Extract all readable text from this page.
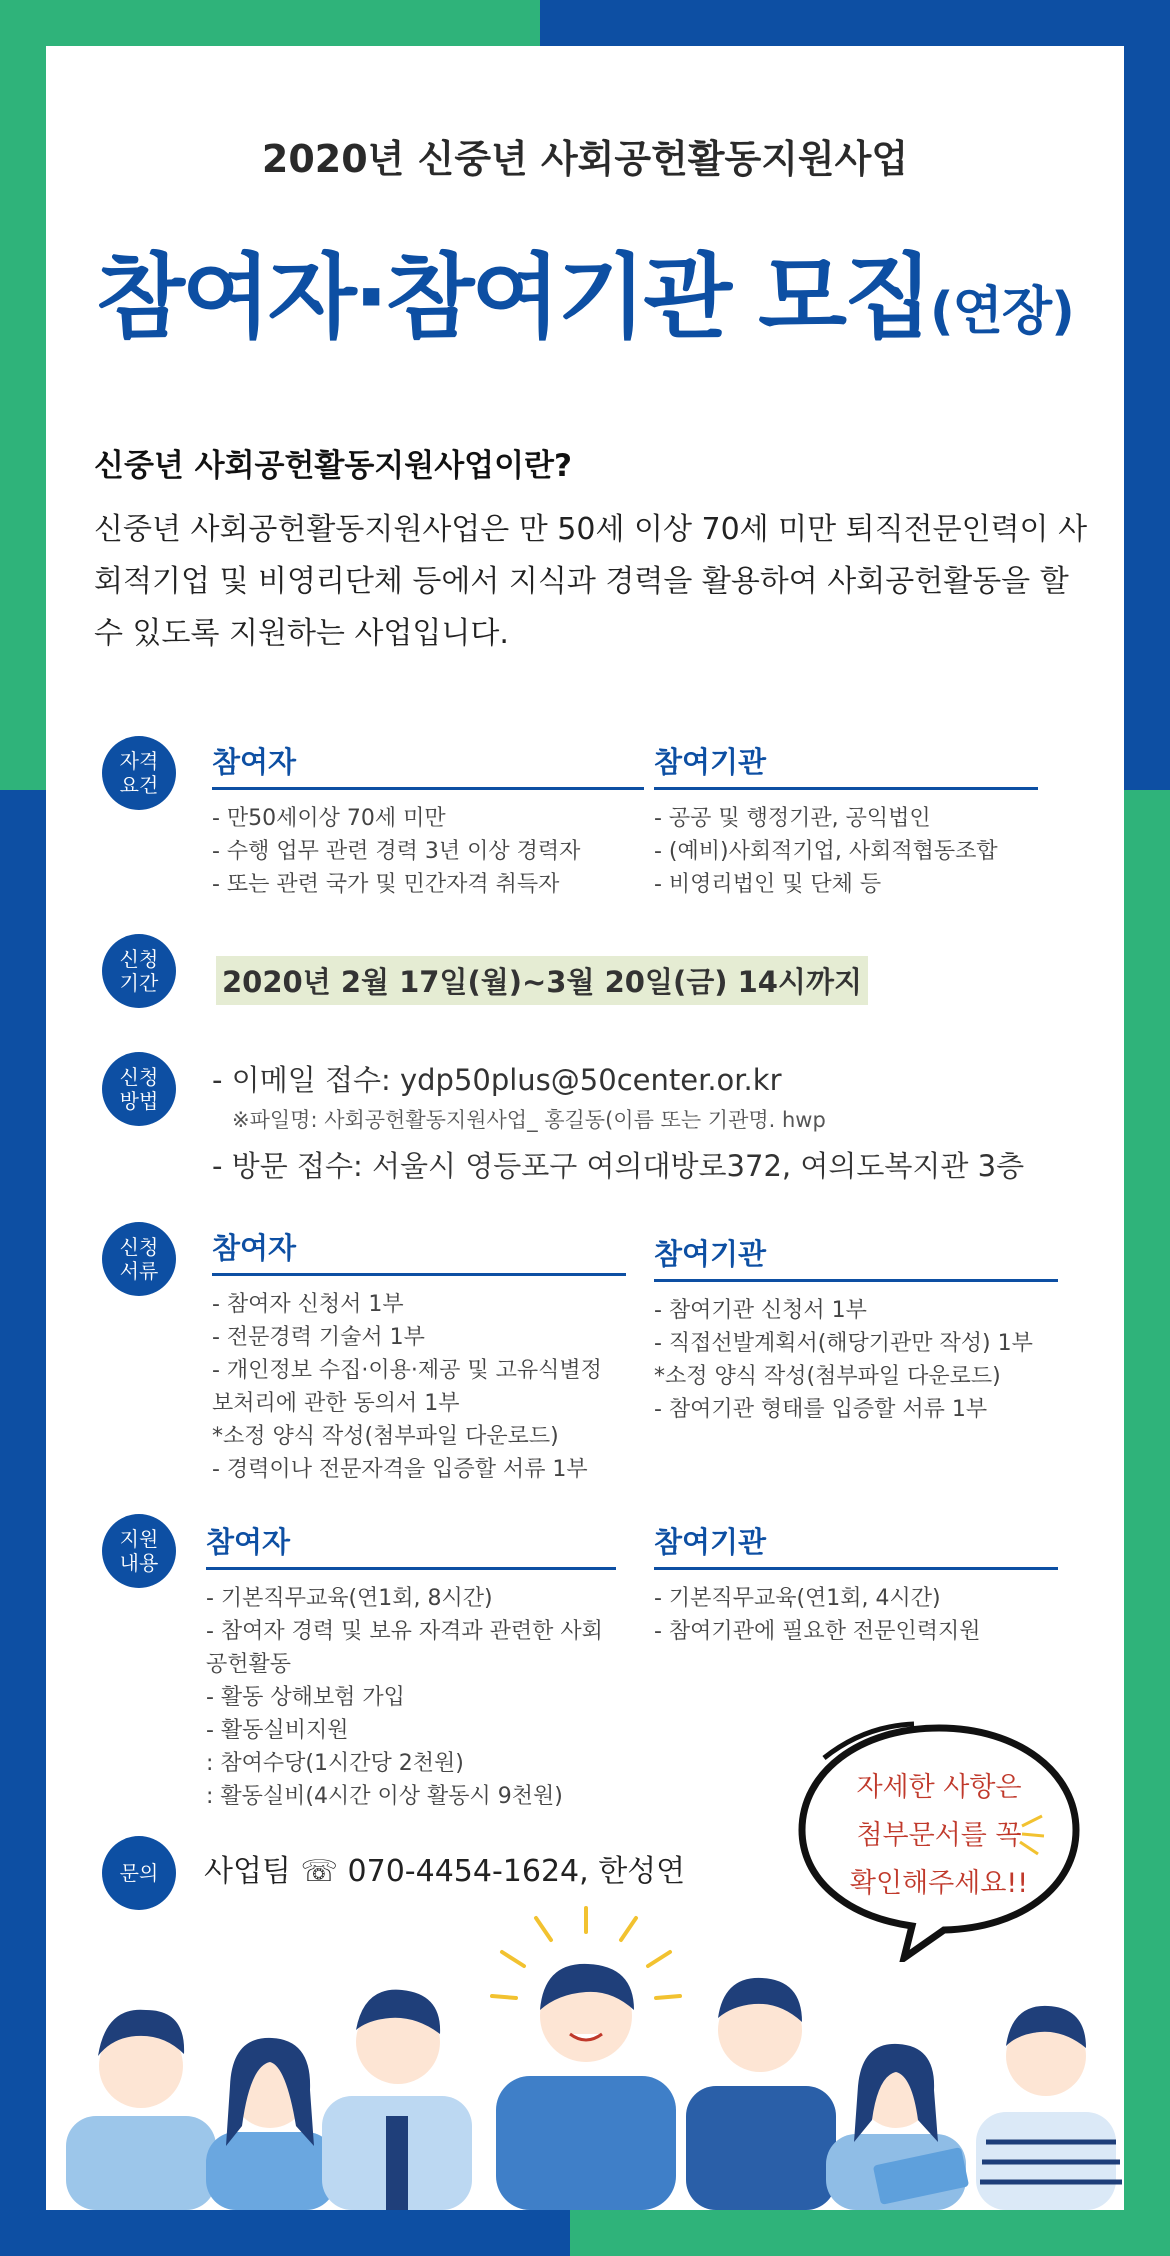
2020년 신중년 사회공헌활동지원사업
참여자·참여기관 모집(연장)
신중년 사회공헌활동지원사업이란?
신중년 사회공헌활동지원사업은 만 50세 이상 70세 미만 퇴직전문인력이 사회적기업 및 비영리단체 등에서 지식과 경력을 활용하여 사회공헌활동을 할 수 있도록 지원하는 사업입니다.
자격
요건
참여자
- 만50세이상 70세 미만
- 수행 업무 관련 경력 3년 이상 경력자
- 또는 관련 국가 및 민간자격 취득자
참여기관
- 공공 및 행정기관, 공익법인
- (예비)사회적기업, 사회적협동조합
- 비영리법인 및 단체 등
신청
기간 2020년 2월 17일(월)~3월 20일(금) 14시까지
신청
방법
- 이메일 접수: ydp50plus@50center.or.kr
※파일명: 사회공헌활동지원사업_ 홍길동(이름 또는 기관명. hwp
- 방문 접수: 서울시 영등포구 여의대방로372, 여의도복지관 3층
신청
서류
참여자
- 참여자 신청서 1부
- 전문경력 기술서 1부
- 개인정보 수집·이용·제공 및 고유식별정
보처리에 관한 동의서 1부
*소정 양식 작성(첨부파일 다운로드)
- 경력이나 전문자격을 입증할 서류 1부
참여기관
- 참여기관 신청서 1부
- 직접선발계획서(해당기관만 작성) 1부
*소정 양식 작성(첨부파일 다운로드)
- 참여기관 형태를 입증할 서류 1부
지원
내용
참여자
- 기본직무교육(연1회, 8시간)
- 참여자 경력 및 보유 자격과 관련한 사회
공헌활동
- 활동 상해보험 가입
- 활동실비지원
: 참여수당(1시간당 2천원)
: 활동실비(4시간 이상 활동시 9천원)
참여기관
- 기본직무교육(연1회, 4시간)
- 참여기관에 필요한 전문인력지원
문의 사업팀 ☏ 070-4454-1624, 한성연
자세한 사항은
첨부문서를 꼭
확인해주세요!!
